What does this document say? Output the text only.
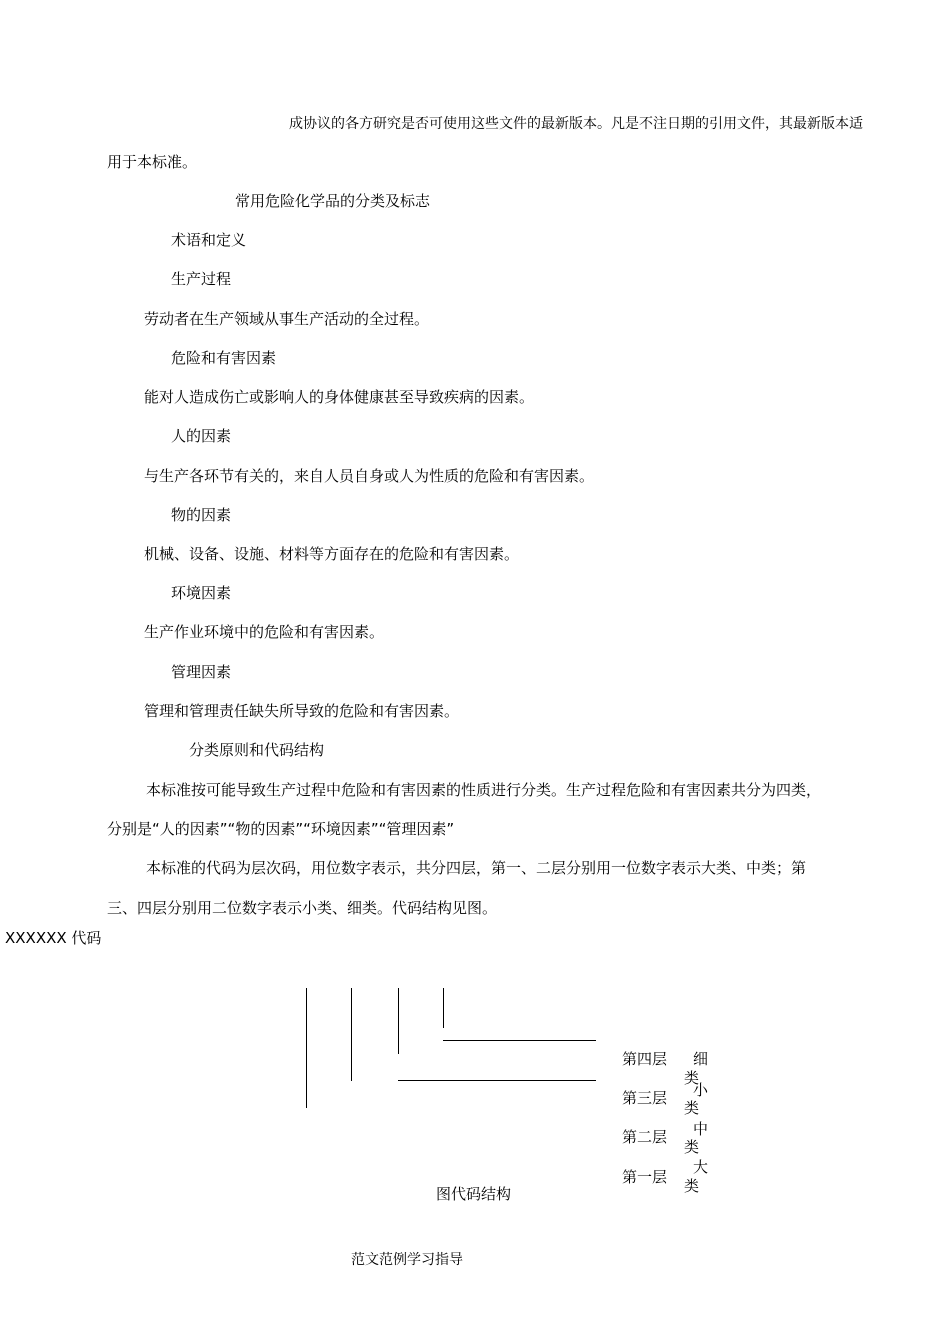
成协议的各方研究是否可使用这些文件的最新版本。凡是不注日期的引用文件，其最新版本适
用于本标准。
常用危险化学品的分类及标志
术语和定义
生产过程
劳动者在生产领域从事生产活动的全过程。
危险和有害因素
能对人造成伤亡或影响人的身体健康甚至导致疾病的因素。
人的因素
与生产各环节有关的，来自人员自身或人为性质的危险和有害因素。
物的因素
机械、设备、设施、材料等方面存在的危险和有害因素。
环境因素
生产作业环境中的危险和有害因素。
管理因素
管理和管理责任缺失所导致的危险和有害因素。
分类原则和代码结构
本标准按可能导致生产过程中危险和有害因素的性质进行分类。生产过程危险和有害因素共分为四类，
分别是“人的因素”“物的因素”“环境因素”“管理因素”
本标准的代码为层次码，用位数字表示，共分四层，第一、二层分别用一位数字表示大类、中类；第
三、四层分别用二位数字表示小类、细类。代码结构见图。
XXXXXX 代码
第四层
第三层
第二层
第一层
细
类
小
类
中
类
大
类
图代码结构
范文范例学习指导
